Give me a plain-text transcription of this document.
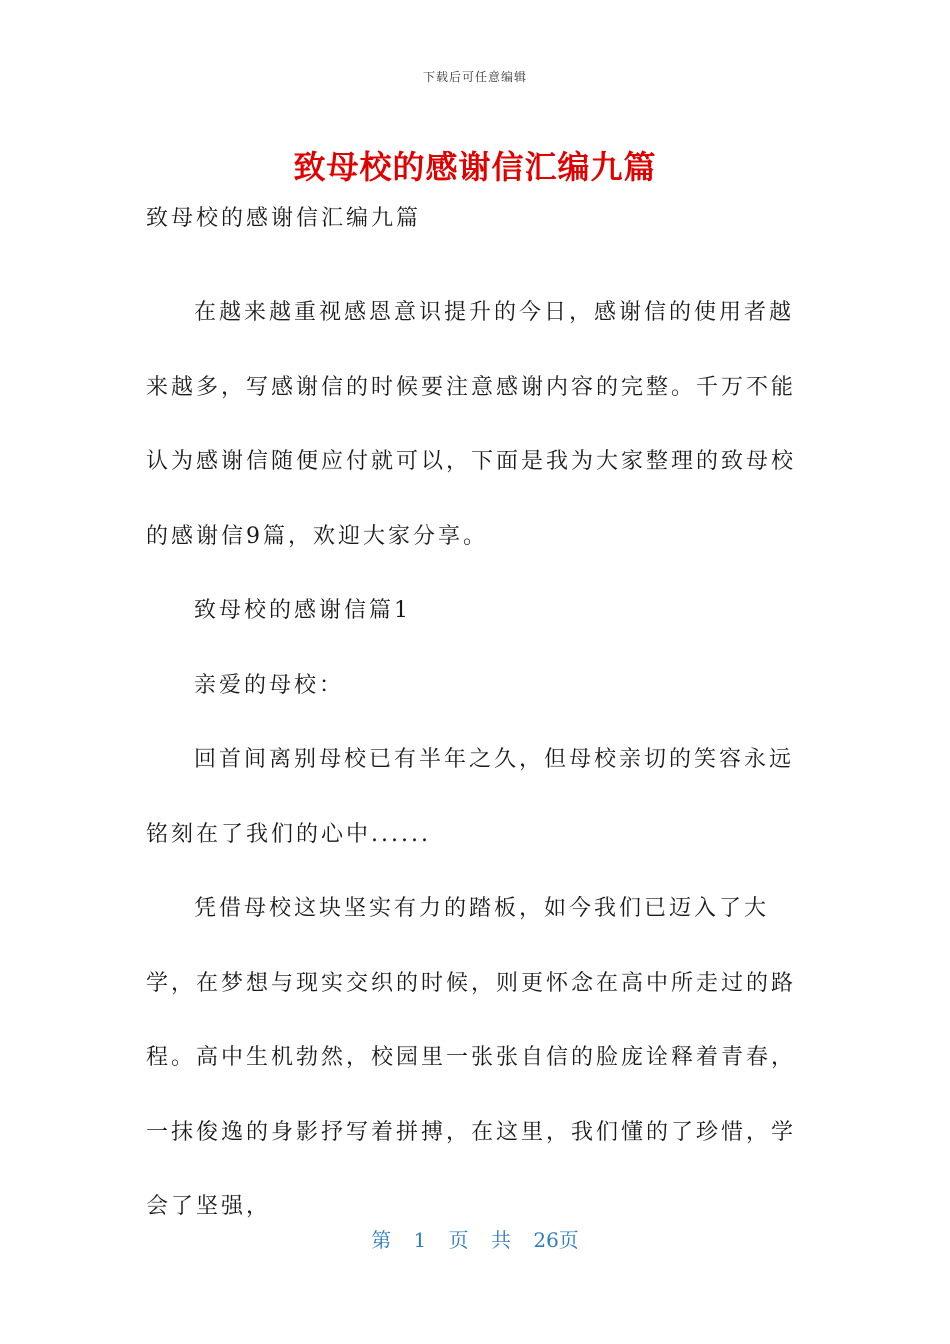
下载后可任意编辑
致母校的感谢信汇编九篇

致母校的感谢信汇编九篇

在越来越重视感恩意识提升的今日，感谢信的使用者越来越多，写感谢信的时候要注意感谢内容的完整。千万不能认为感谢信随便应付就可以，下面是我为大家整理的致母校的感谢信9篇，欢迎大家分享。

致母校的感谢信篇1

亲爱的母校：

回首间离别母校已有半年之久，但母校亲切的笑容永远铭刻在了我们的心中......

凭借母校这块坚实有力的踏板，如今我们已迈入了大学，在梦想与现实交织的时候，则更怀念在高中所走过的路程。高中生机勃然，校园里一张张自信的脸庞诠释着青春，一抹俊逸的身影抒写着拼搏，在这里，我们懂的了珍惜，学会了坚强，

第 1 页 共 26页
